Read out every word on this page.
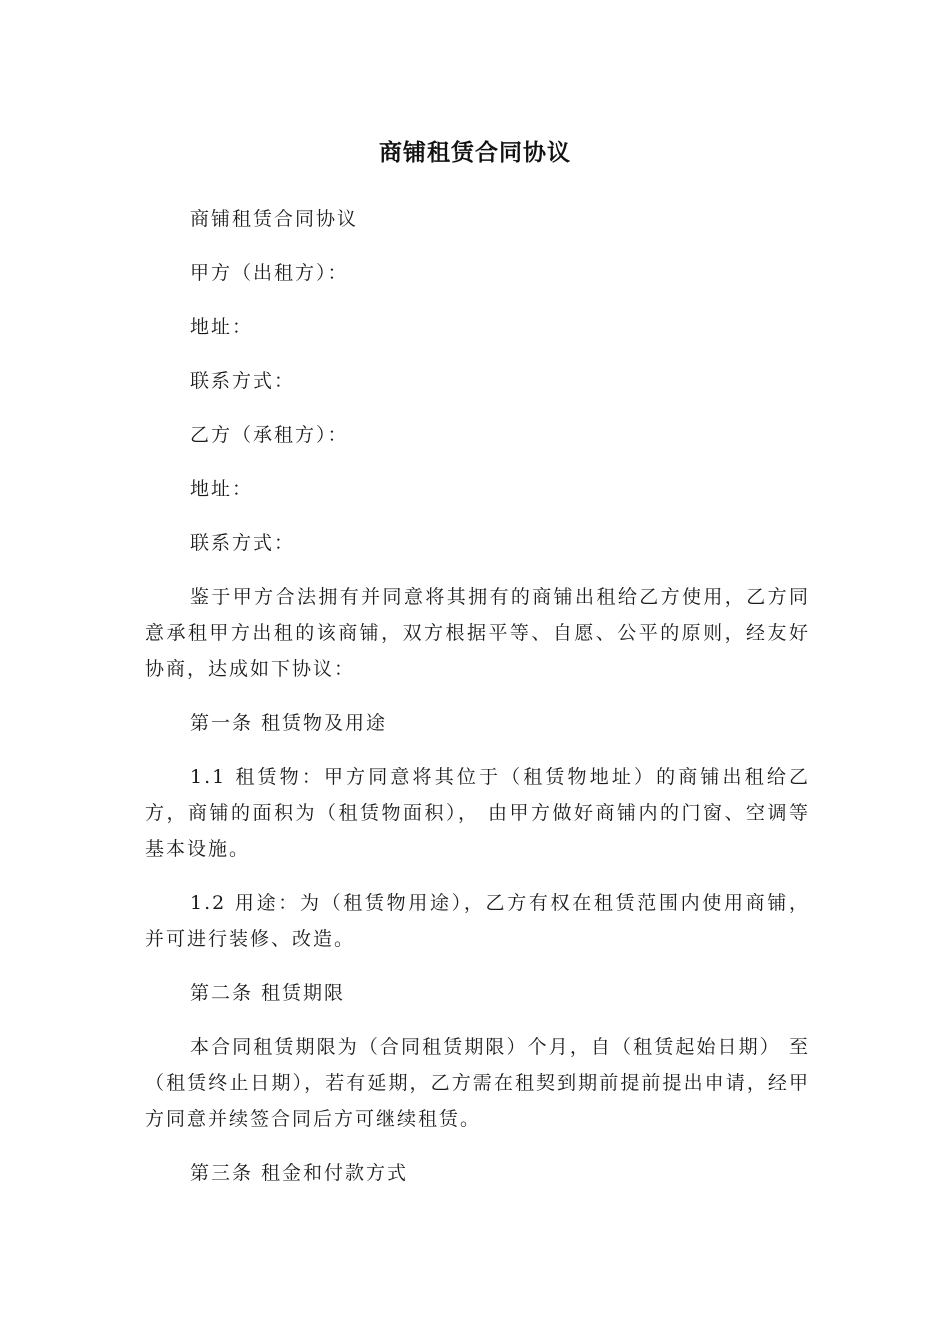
商铺租赁合同协议

商铺租赁合同协议

甲方（出租方）：

地址：

联系方式：

乙方（承租方）：

地址：

联系方式：

鉴于甲方合法拥有并同意将其拥有的商铺出租给乙方使用，乙方同意承租甲方出租的该商铺，双方根据平等、自愿、公平的原则，经友好协商，达成如下协议：

第一条 租赁物及用途

1.1 租赁物：甲方同意将其位于（租赁物地址）的商铺出租给乙方，商铺的面积为（租赁物面积）， 由甲方做好商铺内的门窗、空调等基本设施。

1.2 用途：为（租赁物用途），乙方有权在租赁范围内使用商铺，并可进行装修、改造。

第二条 租赁期限

本合同租赁期限为（合同租赁期限）个月，自（租赁起始日期） 至（租赁终止日期），若有延期，乙方需在租契到期前提前提出申请，经甲方同意并续签合同后方可继续租赁。

第三条 租金和付款方式
